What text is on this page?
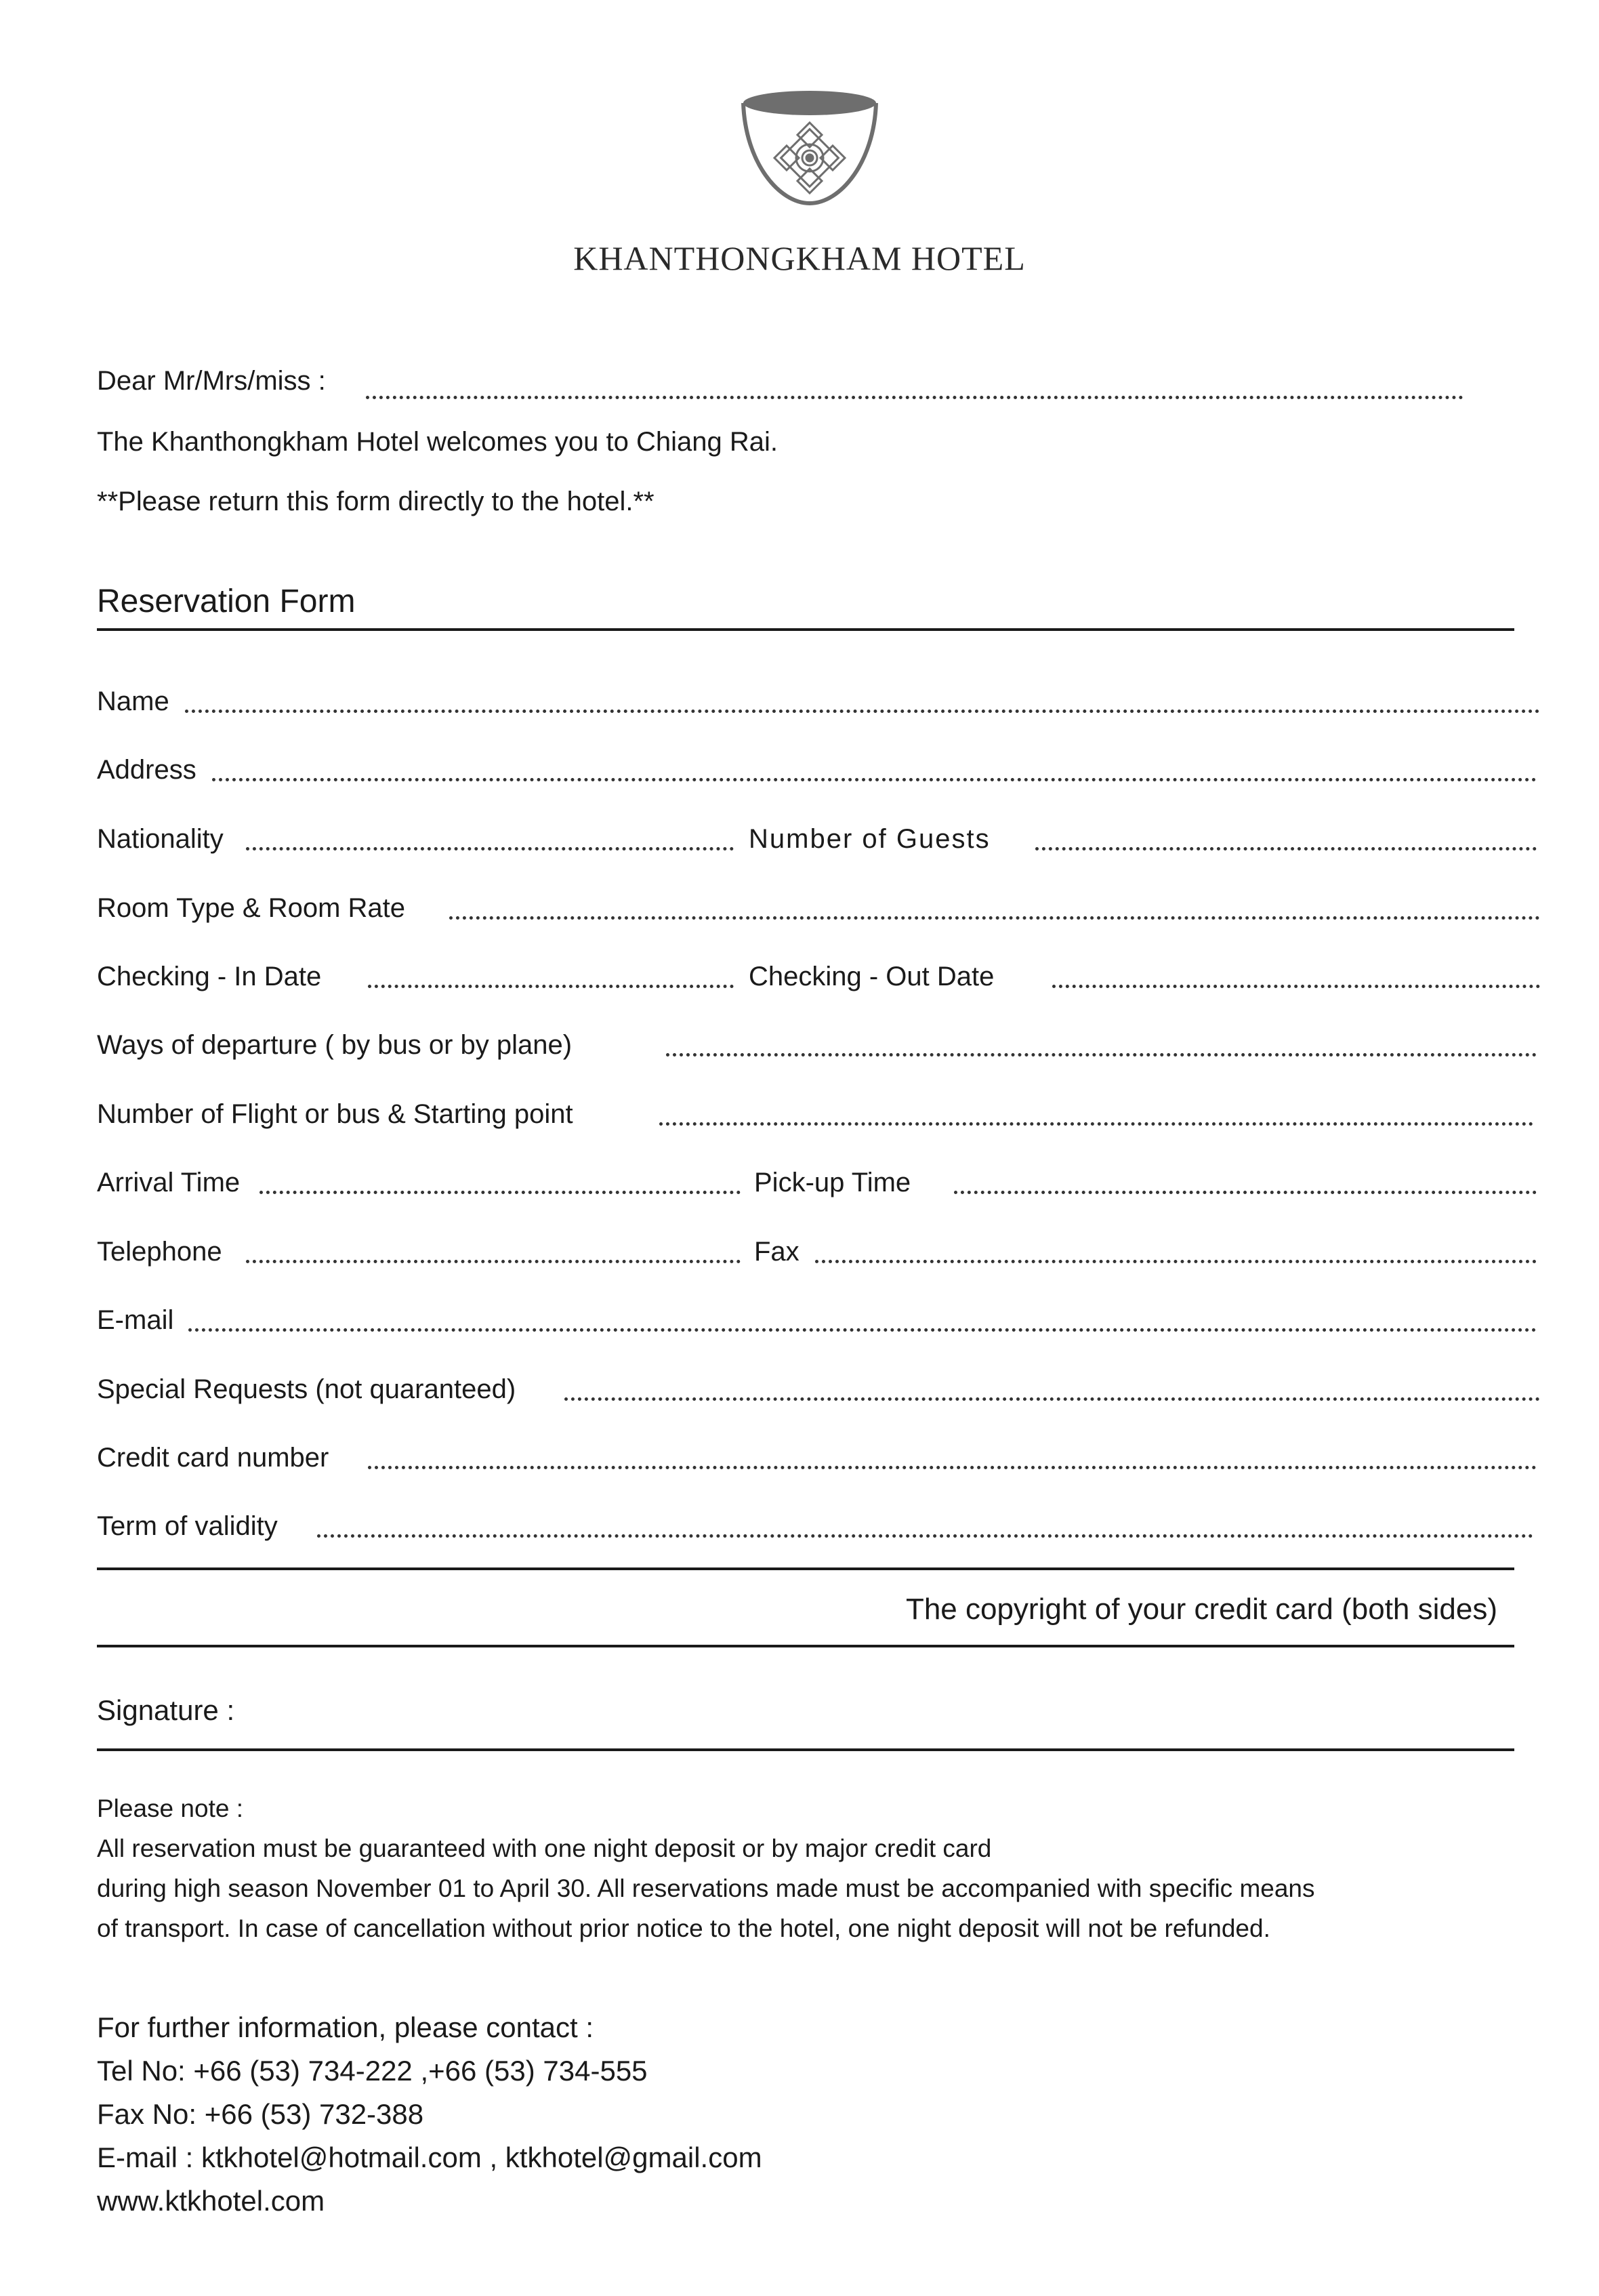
KHANTHONGKHAM HOTEL
Dear Mr/Mrs/miss :
The Khanthongkham Hotel welcomes you to Chiang Rai.
**Please return this form directly to the hotel.**
Reservation Form
Name
Address
Nationality	Number of Guests
Room Type & Room Rate
Checking - In Date	Checking - Out Date
Ways of departure ( by bus or by plane)
Number of Flight or bus & Starting point
Arrival Time	Pick-up Time
Telephone	Fax
E-mail
Special Requests (not quaranteed)
Credit card number
Term of validity
The copyright of your credit card (both sides)
Signature :
Please note :
All reservation must be guaranteed with one night deposit or by major credit card
during high season November 01 to April 30. All reservations made must be accompanied with specific means
of transport. In case of cancellation without prior notice to the hotel, one night deposit will not be refunded.
For further information, please contact :
Tel No: +66 (53) 734-222 ,+66 (53) 734-555
Fax No: +66 (53) 732-388
E-mail : ktkhotel@hotmail.com , ktkhotel@gmail.com
www.ktkhotel.com
